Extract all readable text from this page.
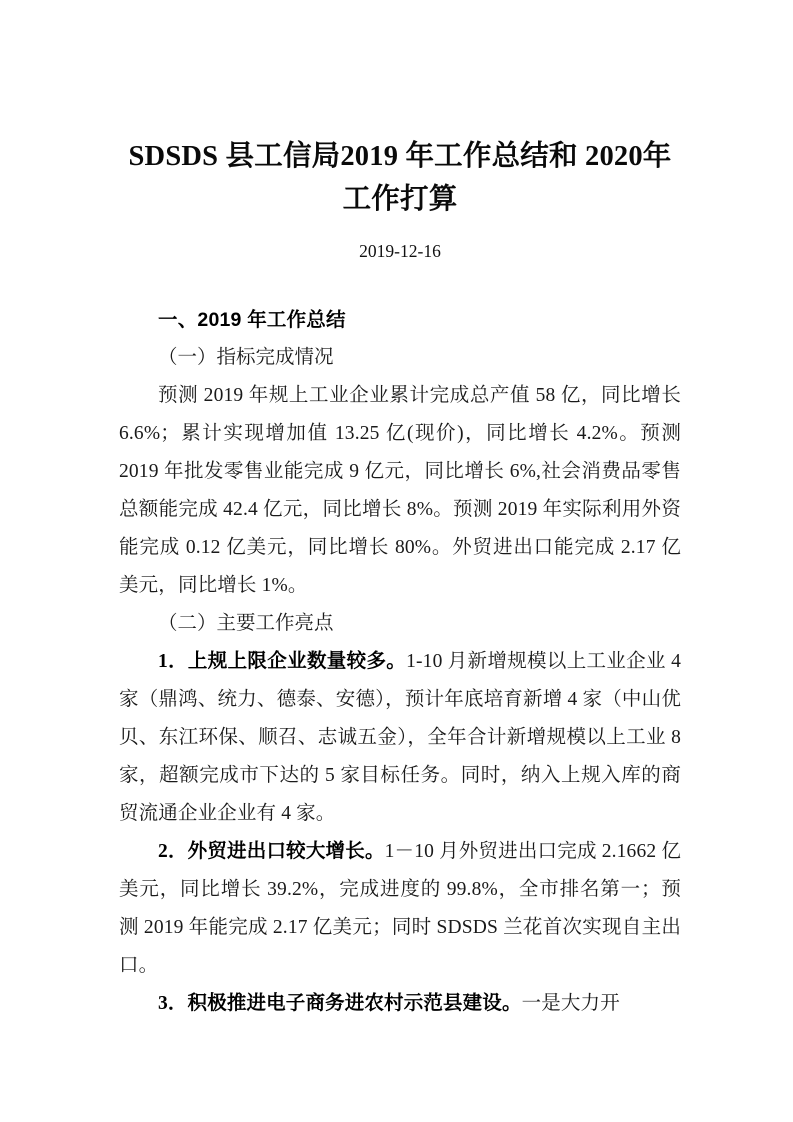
SDSDS 县工信局2019 年工作总结和 2020年工作打算

2019-12-16

一、2019 年工作总结

（一）指标完成情况

预测 2019 年规上工业企业累计完成总产值 58 亿，同比增长 6.6%；累计实现增加值 13.25 亿(现价)，同比增长 4.2%。预测 2019 年批发零售业能完成 9 亿元，同比增长 6%,社会消费品零售总额能完成 42.4 亿元，同比增长 8%。预测 2019 年实际利用外资能完成 0.12 亿美元，同比增长 80%。外贸进出口能完成 2.17 亿美元，同比增长 1%。

（二）主要工作亮点

1．上规上限企业数量较多。1-10 月新增规模以上工业企业 4 家（鼎鸿、统力、德泰、安德），预计年底培育新增 4 家（中山优贝、东江环保、顺召、志诚五金），全年合计新增规模以上工业 8 家，超额完成市下达的 5 家目标任务。同时，纳入上规入库的商贸流通企业企业有 4 家。

2．外贸进出口较大增长。1－10 月外贸进出口完成 2.1662 亿美元，同比增长 39.2%，完成进度的 99.8%，全市排名第一；预测 2019 年能完成 2.17 亿美元；同时 SDSDS 兰花首次实现自主出口。

3．积极推进电子商务进农村示范县建设。一是大力开
